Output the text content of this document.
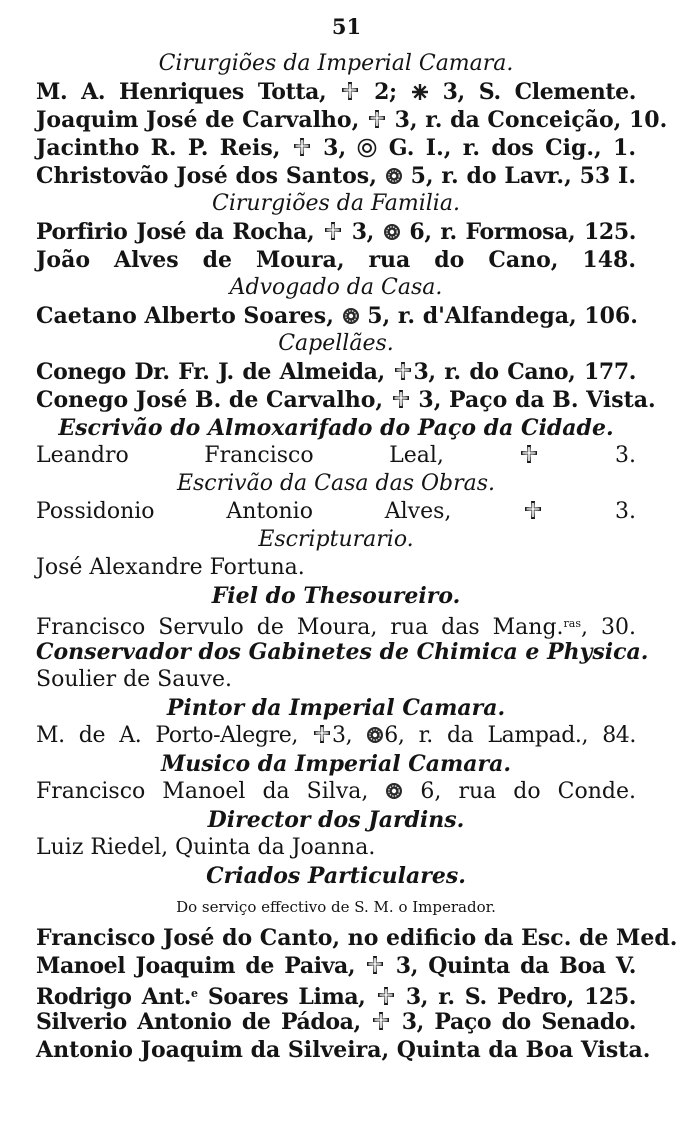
51
Cirurgiões da Imperial Camara.
M. A. Henriques Totta,  2;  3, S. Clemente.
Joaquim José de Carvalho,  3, r. da Conceição, 10.
Jacintho R. P. Reis,  3,  G. I., r. dos Cig., 1.
Christovão José dos Santos,  5, r. do Lavr., 53 I.
Cirurgiões da Familia.
Porfirio José da Rocha,  3,  6, r. Formosa, 125.
João Alves de Moura, rua do Cano, 148.
Advogado da Casa.
Caetano Alberto Soares,  5, r. d'Alfandega, 106.
Capellães.
Conego Dr. Fr. J. de Almeida, 3, r. do Cano, 177.
Conego José B. de Carvalho,  3, Paço da B. Vista.
Escrivão do Almoxarifado do Paço da Cidade.
Leandro Francisco Leal,	3.
Escrivão da Casa das Obras.
Possidonio Antonio Alves,	3.
Escripturario.
José Alexandre Fortuna.
Fiel do Thesoureiro.
Francisco Servulo de Moura, rua das Mang.$^{ras}$, 30.
Conservador dos Gabinetes de Chimica e Physica.
Soulier de Sauve.
Pintor da Imperial Camara.
M. de A. Porto-Alegre, 3, 6, r. da Lampad., 84.
Musico da Imperial Camara.
Francisco Manoel da Silva,  6, rua do Conde.
Director dos Jardins.
Luiz Riedel, Quinta da Joanna.
Criados Particulares.
Do serviço effectivo de S. M. o Imperador.
Francisco José do Canto, no edificio da Esc. de Med.
Manoel Joaquim de Paiva,  3, Quinta da Boa V.
Rodrigo Ant.$^e$ Soares Lima,  3, r. S. Pedro, 125.
Silverio Antonio de Pádoa,  3, Paço do Senado.
Antonio Joaquim da Silveira, Quinta da Boa Vista.
